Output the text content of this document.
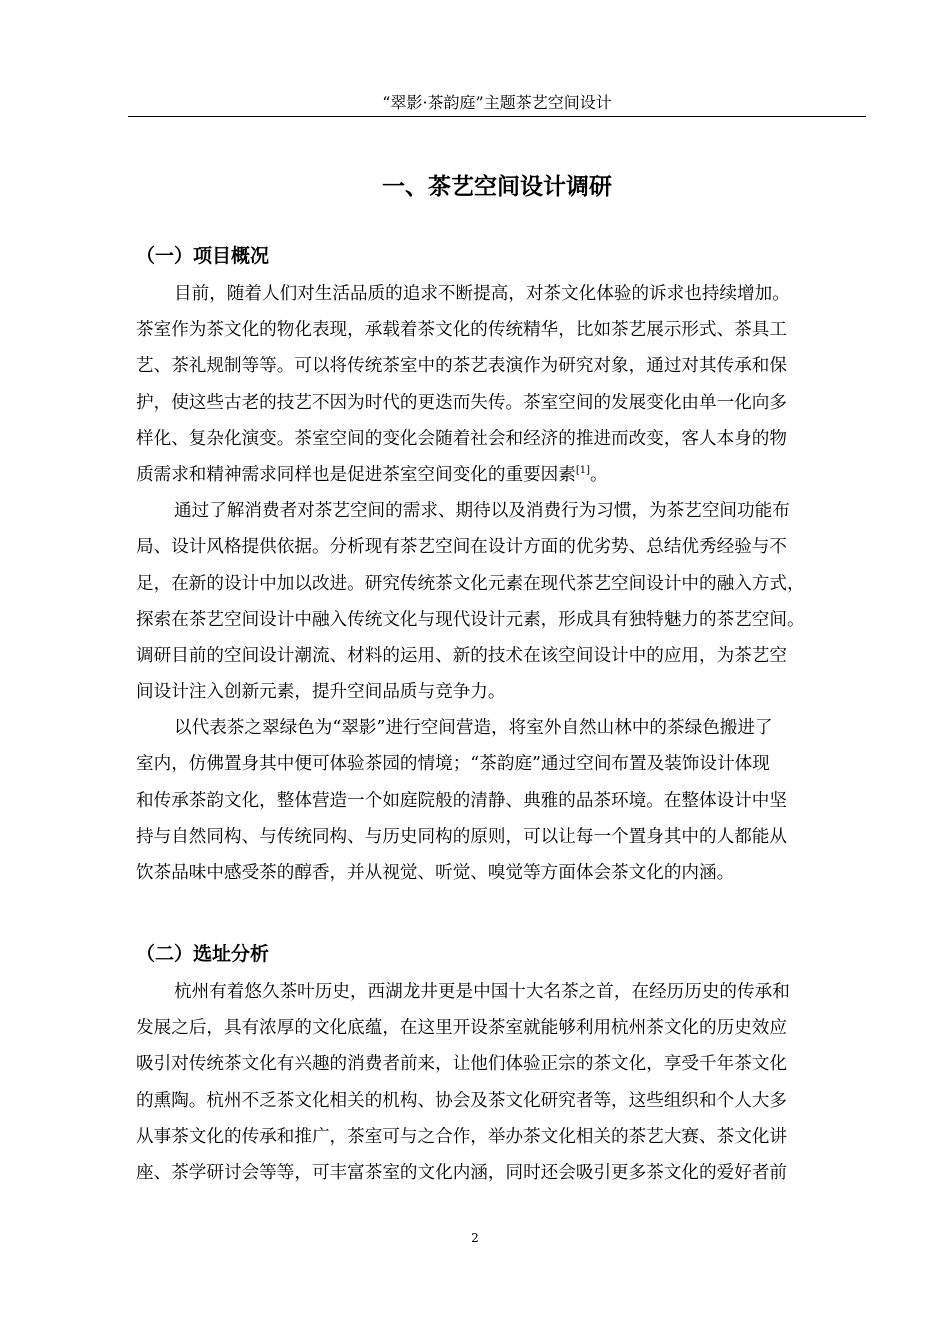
“翠影·茶韵庭”主题茶艺空间设计
一、茶艺空间设计调研
（一）项目概况
目前，随着人们对生活品质的追求不断提高，对茶文化体验的诉求也持续增加。
茶室作为茶文化的物化表现，承载着茶文化的传统精华，比如茶艺展示形式、茶具工
艺、茶礼规制等等。可以将传统茶室中的茶艺表演作为研究对象，通过对其传承和保
护，使这些古老的技艺不因为时代的更迭而失传。茶室空间的发展变化由单一化向多
样化、复杂化演变。茶室空间的变化会随着社会和经济的推进而改变，客人本身的物
质需求和精神需求同样也是促进茶室空间变化的重要因素[1]。
通过了解消费者对茶艺空间的需求、期待以及消费行为习惯，为茶艺空间功能布
局、设计风格提供依据。分析现有茶艺空间在设计方面的优劣势、总结优秀经验与不
足，在新的设计中加以改进。研究传统茶文化元素在现代茶艺空间设计中的融入方式，
探索在茶艺空间设计中融入传统文化与现代设计元素，形成具有独特魅力的茶艺空间。
调研目前的空间设计潮流、材料的运用、新的技术在该空间设计中的应用，为茶艺空
间设计注入创新元素，提升空间品质与竞争力。
以代表茶之翠绿色为“翠影”进行空间营造，将室外自然山林中的茶绿色搬进了
室内，仿佛置身其中便可体验茶园的情境；“茶韵庭”通过空间布置及装饰设计体现
和传承茶韵文化，整体营造一个如庭院般的清静、典雅的品茶环境。在整体设计中坚
持与自然同构、与传统同构、与历史同构的原则，可以让每一个置身其中的人都能从
饮茶品味中感受茶的醇香，并从视觉、听觉、嗅觉等方面体会茶文化的内涵。
（二）选址分析
杭州有着悠久茶叶历史，西湖龙井更是中国十大名茶之首，在经历历史的传承和
发展之后，具有浓厚的文化底蕴，在这里开设茶室就能够利用杭州茶文化的历史效应
吸引对传统茶文化有兴趣的消费者前来，让他们体验正宗的茶文化，享受千年茶文化
的熏陶。杭州不乏茶文化相关的机构、协会及茶文化研究者等，这些组织和个人大多
从事茶文化的传承和推广，茶室可与之合作，举办茶文化相关的茶艺大赛、茶文化讲
座、茶学研讨会等等，可丰富茶室的文化内涵，同时还会吸引更多茶文化的爱好者前
2
